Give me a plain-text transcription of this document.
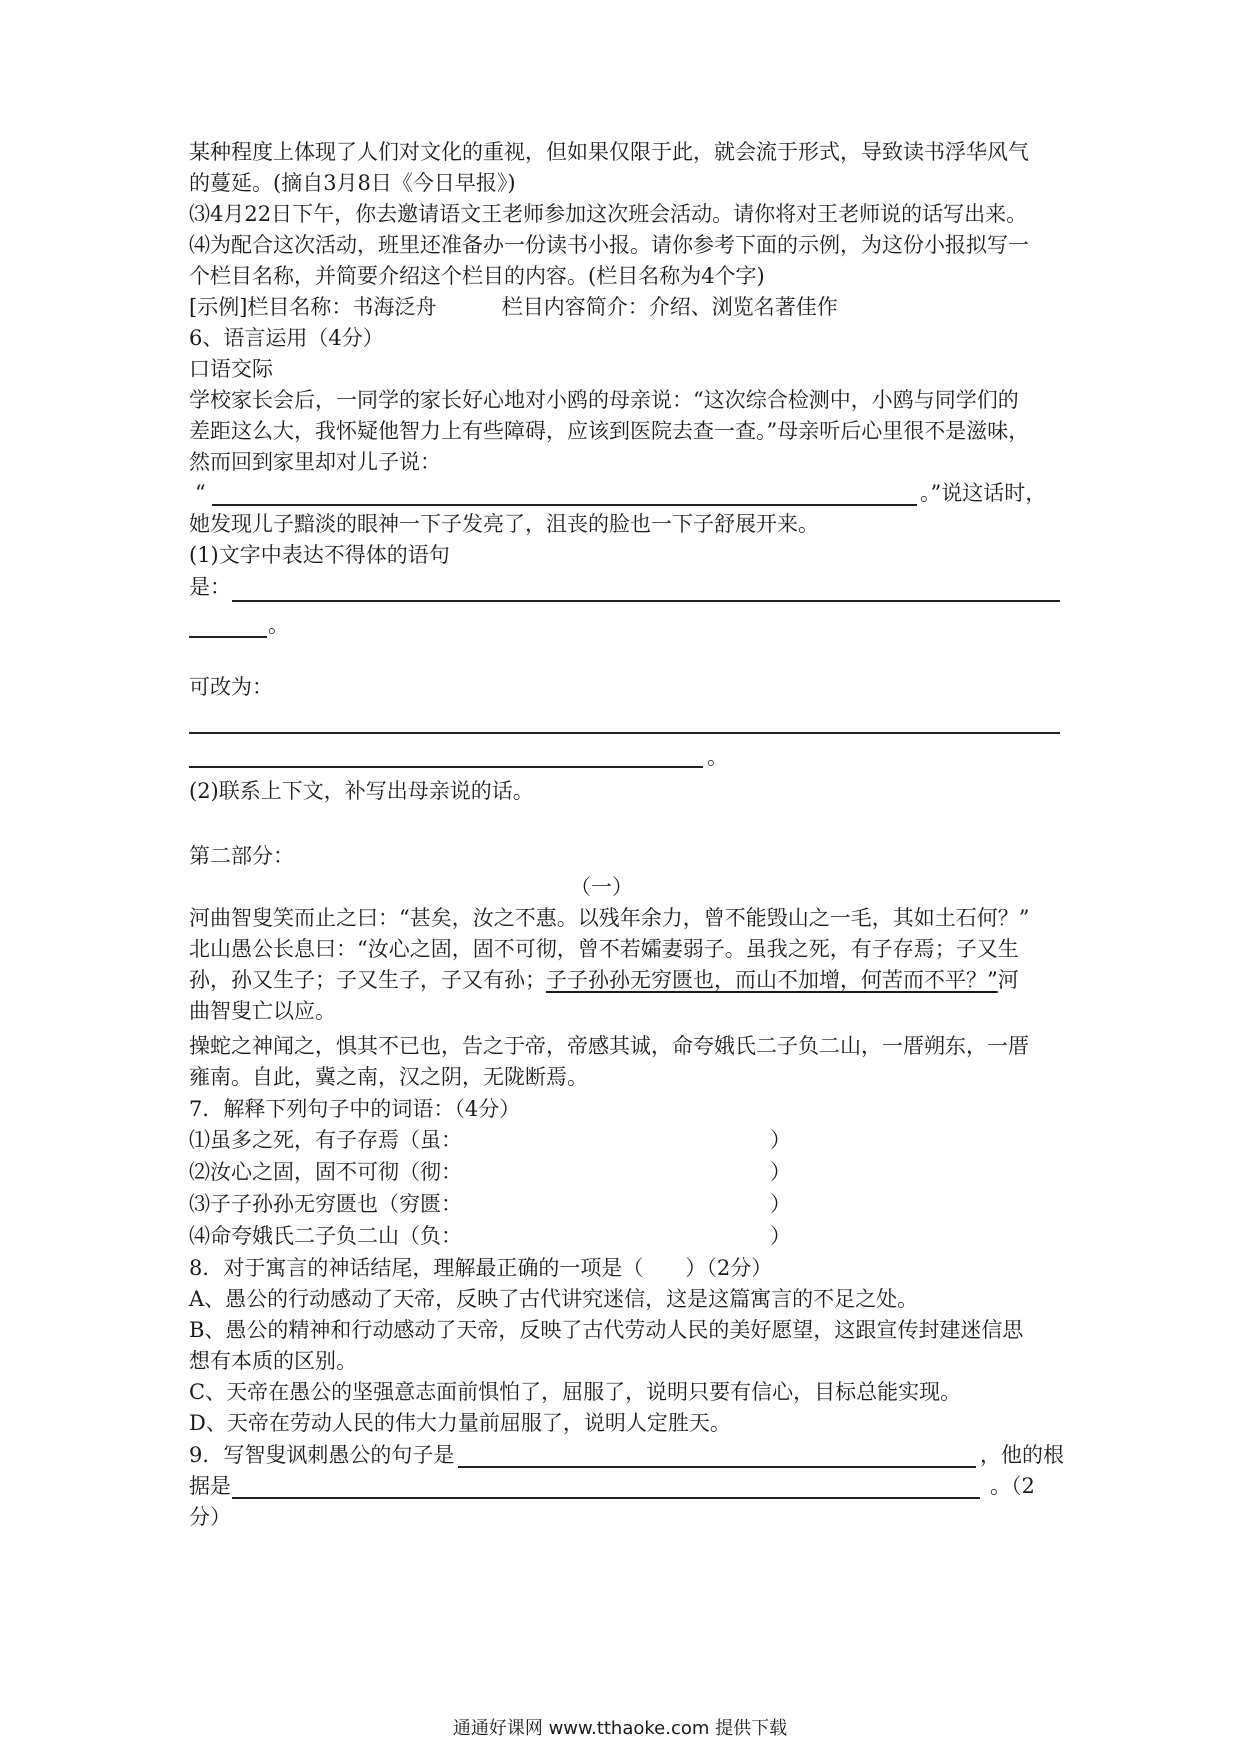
某种程度上体现了人们对文化的重视，但如果仅限于此，就会流于形式，导致读书浮华风气
的蔓延。(摘自3月8日《今日早报》)
⑶4月22日下午，你去邀请语文王老师参加这次班会活动。请你将对王老师说的话写出来。
⑷为配合这次活动，班里还准备办一份读书小报。请你参考下面的示例，为这份小报拟写一
个栏目名称，并简要介绍这个栏目的内容。(栏目名称为4个字)
[示例]栏目名称：书海泛舟	栏目内容简介：介绍、浏览名著佳作
6、语言运用（4分）
口语交际
学校家长会后，一同学的家长好心地对小鸥的母亲说：“这次综合检测中，小鸥与同学们的
差距这么大，我怀疑他智力上有些障碍，应该到医院去查一查。”母亲听后心里很不是滋味，
然而回到家里却对儿子说：
“	。”说这话时，
她发现儿子黯淡的眼神一下子发亮了，沮丧的脸也一下子舒展开来。
(1)文字中表达不得体的语句
是：
。
可改为：
。
(2)联系上下文，补写出母亲说的话。
第二部分：
（一）
河曲智叟笑而止之曰：“甚矣，汝之不惠。以残年余力，曾不能毁山之一毛，其如土石何？”
北山愚公长息曰：“汝心之固，固不可彻，曾不若孀妻弱子。虽我之死，有子存焉；子又生
孙，孙又生子；子又生子，子又有孙；子子孙孙无穷匮也，而山不加增，何苦而不平？”河
曲智叟亡以应。
操蛇之神闻之，惧其不已也，告之于帝，帝感其诚，命夸娥氏二子负二山，一厝朔东，一厝
雍南。自此，冀之南，汉之阴，无陇断焉。
7．解释下列句子中的词语：（4分）
⑴虽多之死，有子存焉（虽：	）
⑵汝心之固，固不可彻（彻：	）
⑶子子孙孙无穷匮也（穷匮：	）
⑷命夸娥氏二子负二山（负：	）
8．对于寓言的神话结尾，理解最正确的一项是（　　）（2分）
A、愚公的行动感动了天帝，反映了古代讲究迷信，这是这篇寓言的不足之处。
B、愚公的精神和行动感动了天帝，反映了古代劳动人民的美好愿望，这跟宣传封建迷信思
想有本质的区别。
C、天帝在愚公的坚强意志面前惧怕了，屈服了，说明只要有信心，目标总能实现。
D、天帝在劳动人民的伟大力量前屈服了，说明人定胜天。
9．写智叟讽刺愚公的句子是	，他的根
据是	。（2
分）
通通好课网 www.tthaoke.com 提供下载
